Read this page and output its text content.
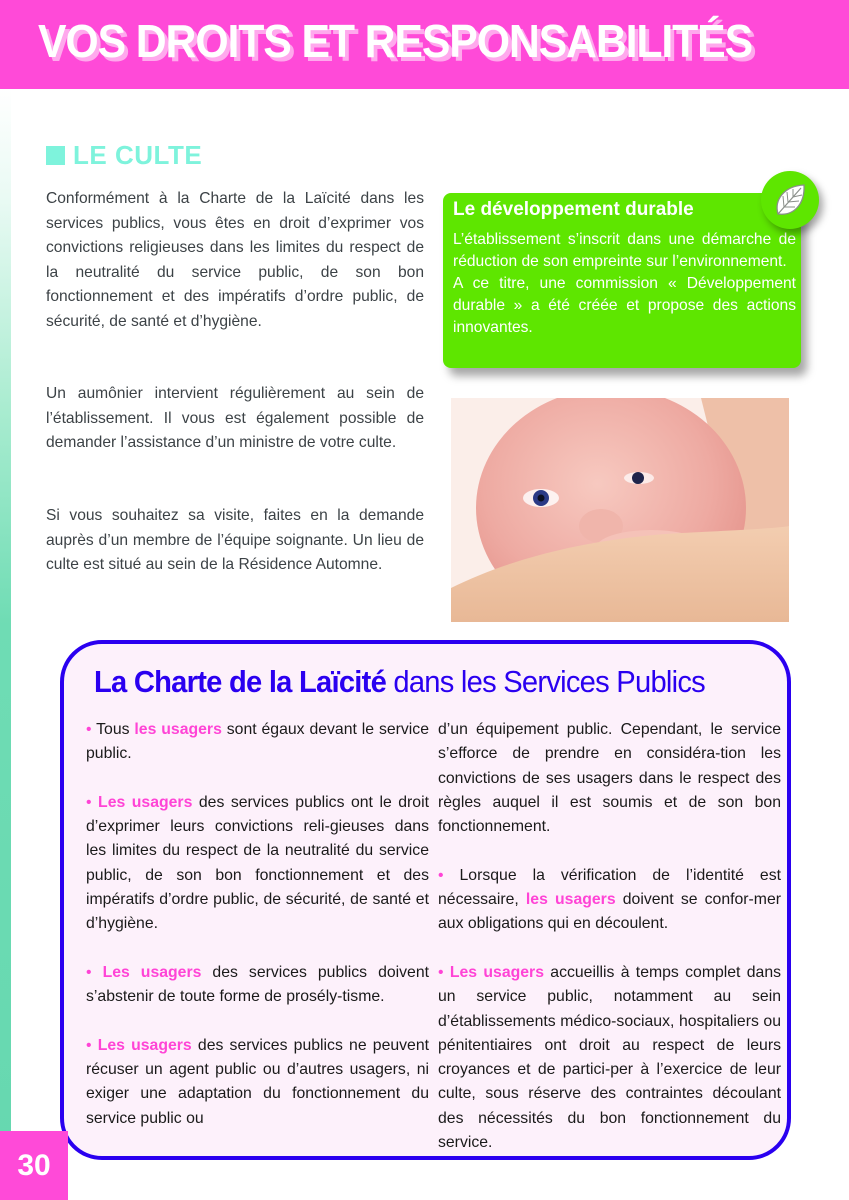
VOS DROITS ET RESPONSABILITÉS
LE CULTE

Conformément à la Charte de la Laïcité dans les services publics, vous êtes en droit d’exprimer vos convictions religieuses dans les limites du respect de la neutralité du service public, de son bon fonctionnement et des impératifs d’ordre public, de sécurité, de santé et d’hygiène.

Un aumônier intervient régulièrement au sein de l’établissement. Il vous est également possible de demander l’assistance d’un ministre de votre culte.

Si vous souhaitez sa visite, faites en la demande auprès d’un membre de l’équipe soignante. Un lieu de culte est situé au sein de la Résidence Automne.

Le développement durable
L’établissement s’inscrit dans une démarche de réduction de son empreinte sur l’environnement.
A ce titre, une commission « Développement durable » a été créée et propose des actions innovantes.
La Charte de la Laïcité dans les Services Publics

• Tous les usagers sont égaux devant le service public.

• Les usagers des services publics ont le droit d’exprimer leurs convictions reli-gieuses dans les limites du respect de la neutralité du service public, de son bon fonctionnement et des impératifs d’ordre public, de sécurité, de santé et d’hygiène.

• Les usagers des services publics doivent s’abstenir de toute forme de prosély-tisme.

• Les usagers des services publics ne peuvent récuser un agent public ou d’autres usagers, ni exiger une adaptation du fonctionnement du service public ou

d’un équipement public. Cependant, le service s’efforce de prendre en considéra-tion les convictions de ses usagers dans le respect des règles auquel il est soumis et de son bon fonctionnement.

• Lorsque la vérification de l’identité est nécessaire, les usagers doivent se confor-mer aux obligations qui en découlent.

• Les usagers accueillis à temps complet dans un service public, notamment au sein d’établissements médico-sociaux, hospitaliers ou pénitentiaires ont droit au respect de leurs croyances et de partici-per à l’exercice de leur culte, sous réserve des contraintes découlant des nécessités du bon fonctionnement du service.

30
